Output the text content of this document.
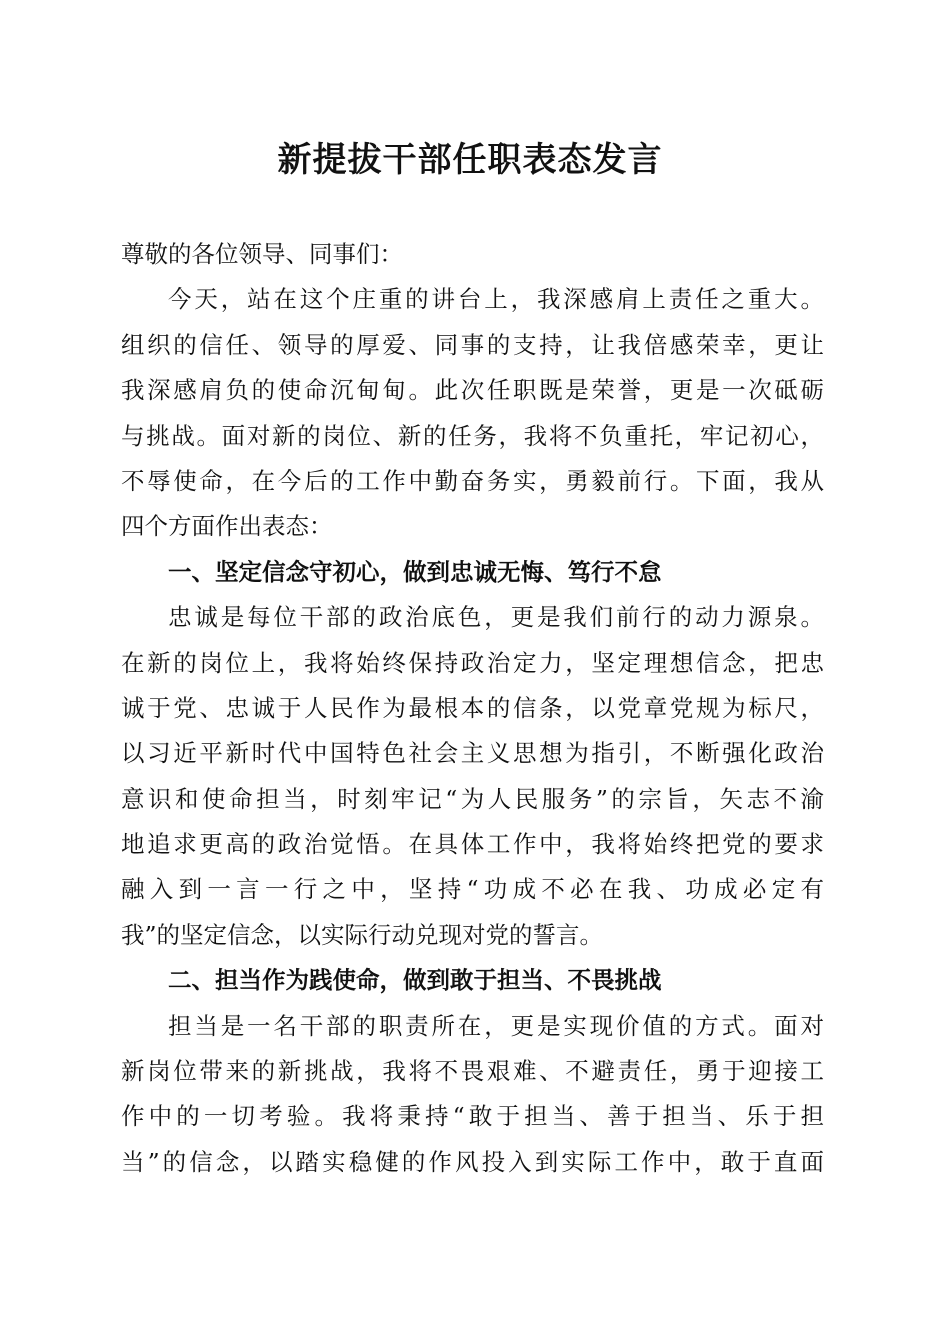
新提拔干部任职表态发言
尊敬的各位领导、同事们：
今天，站在这个庄重的讲台上，我深感肩上责任之重大。
组织的信任、领导的厚爱、同事的支持，让我倍感荣幸，更让
我深感肩负的使命沉甸甸。此次任职既是荣誉，更是一次砥砺
与挑战。面对新的岗位、新的任务，我将不负重托，牢记初心，
不辱使命，在今后的工作中勤奋务实，勇毅前行。下面，我从
四个方面作出表态：
一、坚定信念守初心，做到忠诚无悔、笃行不怠
忠诚是每位干部的政治底色，更是我们前行的动力源泉。
在新的岗位上，我将始终保持政治定力，坚定理想信念，把忠
诚于党、忠诚于人民作为最根本的信条，以党章党规为标尺，
以习近平新时代中国特色社会主义思想为指引，不断强化政治
意识和使命担当，时刻牢记“为人民服务”的宗旨，矢志不渝
地追求更高的政治觉悟。在具体工作中，我将始终把党的要求
融入到一言一行之中，坚持“功成不必在我、功成必定有
我”的坚定信念，以实际行动兑现对党的誓言。
二、担当作为践使命，做到敢于担当、不畏挑战
担当是一名干部的职责所在，更是实现价值的方式。面对
新岗位带来的新挑战，我将不畏艰难、不避责任，勇于迎接工
作中的一切考验。我将秉持“敢于担当、善于担当、乐于担
当”的信念，以踏实稳健的作风投入到实际工作中，敢于直面
